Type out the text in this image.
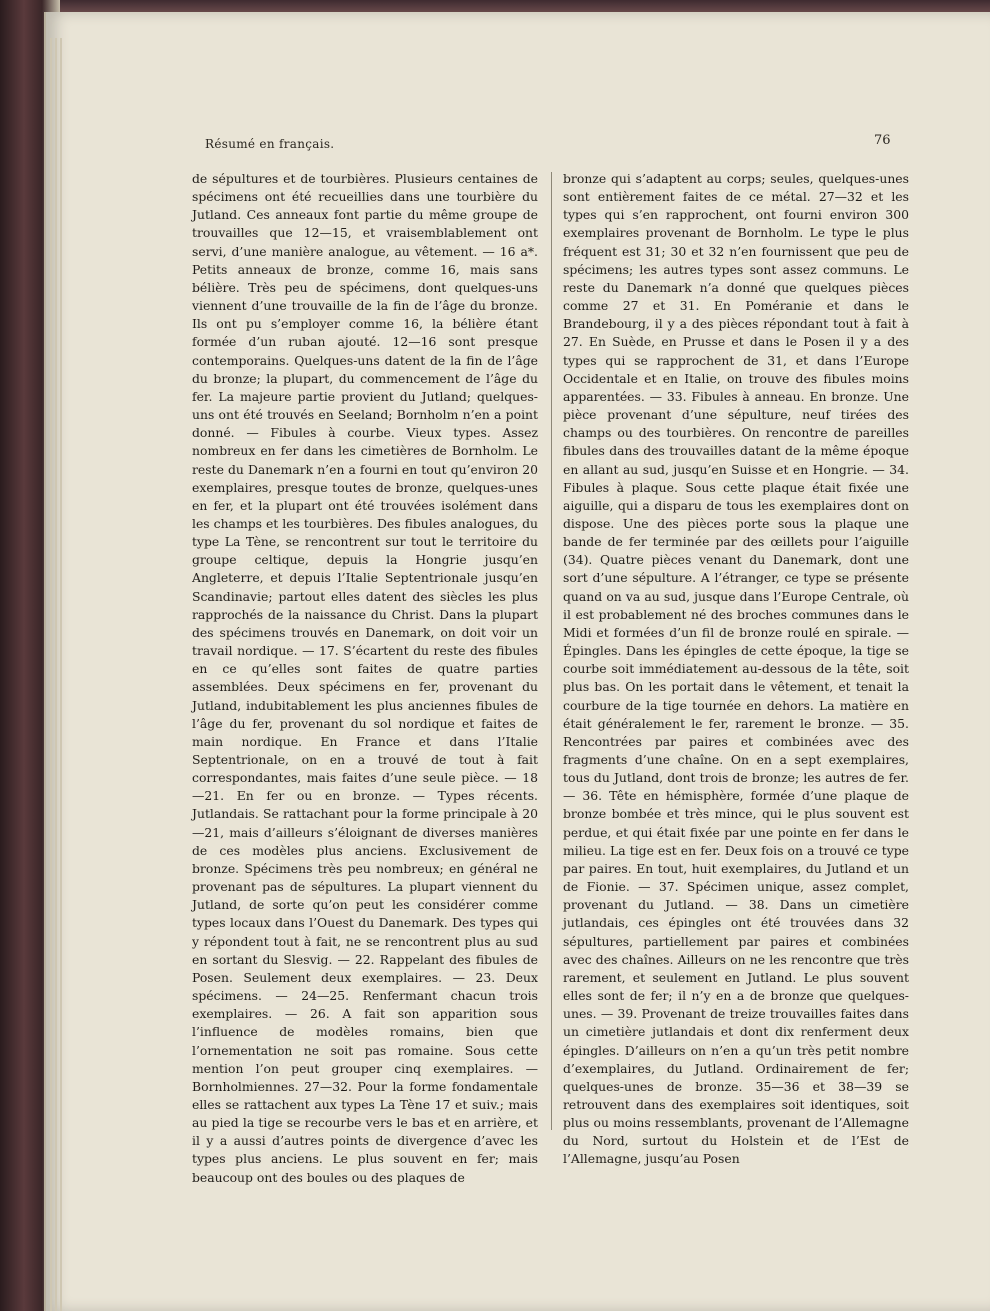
Résumé en français.	76

de sépultures et de tourbières. Plusieurs centaines de spécimens ont été recueillies dans une tourbière du Jutland. Ces anneaux font partie du même groupe de trouvailles que 12—15, et vraisemblablement ont servi, d’une manière analogue, au vêtement. — 16 a*. Petits anneaux de bronze, comme 16, mais sans bélière. Très peu de spécimens, dont quelques-uns viennent d’une trouvaille de la fin de l’âge du bronze. Ils ont pu s’employer comme 16, la bélière étant formée d’un ruban ajouté. 12—16 sont presque contemporains. Quelques-uns datent de la fin de l’âge du bronze; la plupart, du commencement de l’âge du fer. La majeure partie provient du Jutland; quelques-uns ont été trouvés en Seeland; Bornholm n’en a point donné. — Fibules à courbe. Vieux types. Assez nombreux en fer dans les cimetières de Bornholm. Le reste du Danemark n’en a fourni en tout qu’environ 20 exemplaires, presque toutes de bronze, quelques-unes en fer, et la plupart ont été trouvées isolément dans les champs et les tourbières. Des fibules analogues, du type La Tène, se rencontrent sur tout le territoire du groupe celtique, depuis la Hongrie jusqu’en Angleterre, et depuis l’Italie Septentrionale jusqu’en Scandinavie; partout elles datent des siècles les plus rapprochés de la naissance du Christ. Dans la plupart des spécimens trouvés en Danemark, on doit voir un travail nordique. — 17. S’écartent du reste des fibules en ce qu’elles sont faites de quatre parties assemblées. Deux spécimens en fer, provenant du Jutland, indubitablement les plus anciennes fibules de l’âge du fer, provenant du sol nordique et faites de main nordique. En France et dans l’Italie Septentrionale, on en a trouvé de tout à fait correspondantes, mais faites d’une seule pièce. — 18—21. En fer ou en bronze. — Types récents. Jutlandais. Se rattachant pour la forme principale à 20—21, mais d’ailleurs s’éloignant de diverses manières de ces modèles plus anciens. Exclusivement de bronze. Spécimens très peu nombreux; en général ne provenant pas de sépultures. La plupart viennent du Jutland, de sorte qu’on peut les considérer comme types locaux dans l’Ouest du Danemark. Des types qui y répondent tout à fait, ne se rencontrent plus au sud en sortant du Slesvig. — 22. Rappelant des fibules de Posen. Seulement deux exemplaires. — 23. Deux spécimens. — 24—25. Renfermant chacun trois exemplaires. — 26. A fait son apparition sous l’influence de modèles romains, bien que l’ornementation ne soit pas romaine. Sous cette mention l’on peut grouper cinq exemplaires. — Bornholmiennes. 27—32. Pour la forme fondamentale elles se rattachent aux types La Tène 17 et suiv.; mais au pied la tige se recourbe vers le bas et en arrière, et il y a aussi d’autres points de divergence d’avec les types plus anciens. Le plus souvent en fer; mais beaucoup ont des boules ou des plaques de

bronze qui s’adaptent au corps; seules, quelques-unes sont entièrement faites de ce métal. 27—32 et les types qui s’en rapprochent, ont fourni environ 300 exemplaires provenant de Bornholm. Le type le plus fréquent est 31; 30 et 32 n’en fournissent que peu de spécimens; les autres types sont assez communs. Le reste du Danemark n’a donné que quelques pièces comme 27 et 31. En Poméranie et dans le Brandebourg, il y a des pièces répondant tout à fait à 27. En Suède, en Prusse et dans le Posen il y a des types qui se rapprochent de 31, et dans l’Europe Occidentale et en Italie, on trouve des fibules moins apparentées. — 33. Fibules à anneau. En bronze. Une pièce provenant d’une sépulture, neuf tirées des champs ou des tourbières. On rencontre de pareilles fibules dans des trouvailles datant de la même époque en allant au sud, jusqu’en Suisse et en Hongrie. — 34. Fibules à plaque. Sous cette plaque était fixée une aiguille, qui a disparu de tous les exemplaires dont on dispose. Une des pièces porte sous la plaque une bande de fer terminée par des œillets pour l’aiguille (34). Quatre pièces venant du Danemark, dont une sort d’une sépulture. A l’étranger, ce type se présente quand on va au sud, jusque dans l’Europe Centrale, où il est probablement né des broches communes dans le Midi et formées d’un fil de bronze roulé en spirale. — Épingles. Dans les épingles de cette époque, la tige se courbe soit immédiatement au-dessous de la tête, soit plus bas. On les portait dans le vêtement, et tenait la courbure de la tige tournée en dehors. La matière en était généralement le fer, rarement le bronze. — 35. Rencontrées par paires et combinées avec des fragments d’une chaîne. On en a sept exemplaires, tous du Jutland, dont trois de bronze; les autres de fer. — 36. Tête en hémisphère, formée d’une plaque de bronze bombée et très mince, qui le plus souvent est perdue, et qui était fixée par une pointe en fer dans le milieu. La tige est en fer. Deux fois on a trouvé ce type par paires. En tout, huit exemplaires, du Jutland et un de Fionie. — 37. Spécimen unique, assez complet, provenant du Jutland. — 38. Dans un cimetière jutlandais, ces épingles ont été trouvées dans 32 sépultures, partiellement par paires et combinées avec des chaînes. Ailleurs on ne les rencontre que très rarement, et seulement en Jutland. Le plus souvent elles sont de fer; il n’y en a de bronze que quelques-unes. — 39. Provenant de treize trouvailles faites dans un cimetière jutlandais et dont dix renferment deux épingles. D’ailleurs on n’en a qu’un très petit nombre d’exemplaires, du Jutland. Ordinairement de fer; quelques-unes de bronze. 35—36 et 38—39 se retrouvent dans des exemplaires soit identiques, soit plus ou moins ressemblants, provenant de l’Allemagne du Nord, surtout du Holstein et de l’Est de l’Allemagne, jusqu’au Posen
